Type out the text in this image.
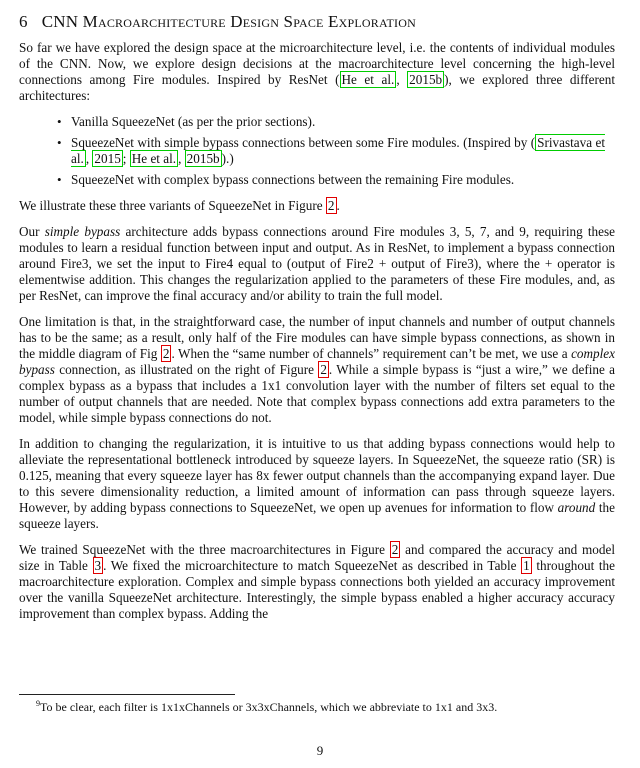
6 CNN Macroarchitecture Design Space Exploration

So far we have explored the design space at the microarchitecture level, i.e. the contents of individual modules of the CNN. Now, we explore design decisions at the macroarchitecture level concerning the high-level connections among Fire modules. Inspired by ResNet ( He et al. , 2015b ), we explored three different architectures:

• Vanilla SqueezeNet (as per the prior sections).
• SqueezeNet with simple bypass connections between some Fire modules. (Inspired by ( Srivastava et al. , 2015 ; He et al. , 2015b ).)
• SqueezeNet with complex bypass connections between the remaining Fire modules.

We illustrate these three variants of SqueezeNet in Figure 2 .

Our simple bypass architecture adds bypass connections around Fire modules 3, 5, 7, and 9, requiring these modules to learn a residual function between input and output. As in ResNet, to implement a bypass connection around Fire3, we set the input to Fire4 equal to (output of Fire2 + output of Fire3), where the + operator is elementwise addition. This changes the regularization applied to the parameters of these Fire modules, and, as per ResNet, can improve the final accuracy and/or ability to train the full model.

One limitation is that, in the straightforward case, the number of input channels and number of output channels has to be the same; as a result, only half of the Fire modules can have simple bypass connections, as shown in the middle diagram of Fig 2 . When the “same number of channels” requirement can’t be met, we use a complex bypass connection, as illustrated on the right of Figure 2 . While a simple bypass is “just a wire,” we define a complex bypass as a bypass that includes a 1x1 convolution layer with the number of filters set equal to the number of output channels that are needed. Note that complex bypass connections add extra parameters to the model, while simple bypass connections do not.

In addition to changing the regularization, it is intuitive to us that adding bypass connections would help to alleviate the representational bottleneck introduced by squeeze layers. In SqueezeNet, the squeeze ratio (SR) is 0.125, meaning that every squeeze layer has 8x fewer output channels than the accompanying expand layer. Due to this severe dimensionality reduction, a limited amount of information can pass through squeeze layers. However, by adding bypass connections to SqueezeNet, we open up avenues for information to flow around the squeeze layers.

We trained SqueezeNet with the three macroarchitectures in Figure 2 and compared the accuracy and model size in Table 3 . We fixed the microarchitecture to match SqueezeNet as described in Table 1 throughout the macroarchitecture exploration. Complex and simple bypass connections both yielded an accuracy improvement over the vanilla SqueezeNet architecture. Interestingly, the simple bypass enabled a higher accuracy accuracy improvement than complex bypass. Adding the

$^9$To be clear, each filter is 1x1xChannels or 3x3xChannels, which we abbreviate to 1x1 and 3x3.
9
